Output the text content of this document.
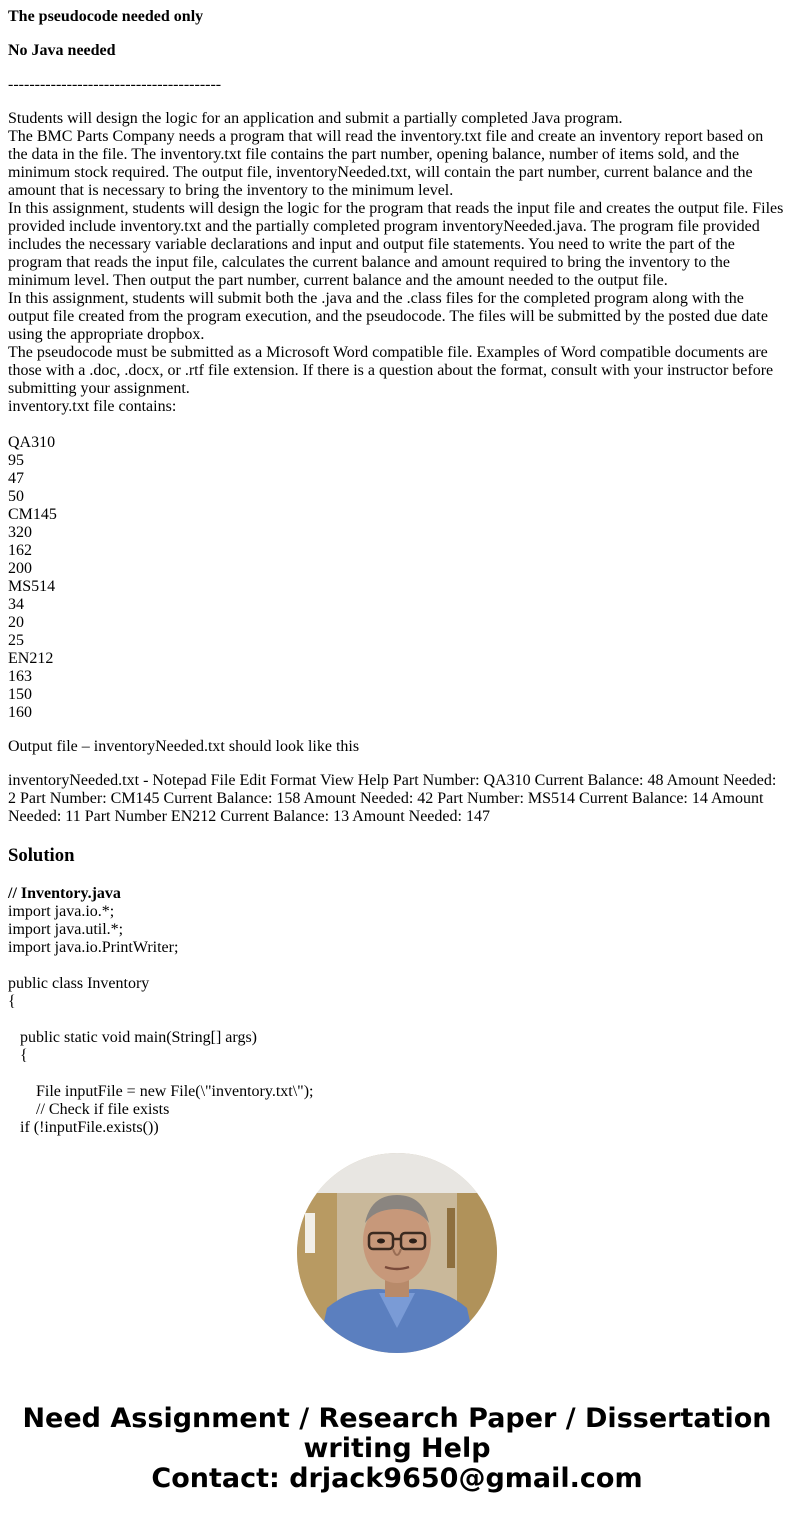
The pseudocode needed only
No Java needed
----------------------------------------

Students will design the logic for an application and submit a partially completed Java program.

The BMC Parts Company needs a program that will read the inventory.txt file and create an inventory report based on the data in the file. The inventory.txt file contains the part number, opening balance, number of items sold, and the minimum stock required. The output file, inventoryNeeded.txt, will contain the part number, current balance and the amount that is necessary to bring the inventory to the minimum level.

In this assignment, students will design the logic for the program that reads the input file and creates the output file. Files provided include inventory.txt and the partially completed program inventoryNeeded.java. The program file provided includes the necessary variable declarations and input and output file statements. You need to write the part of the program that reads the input file, calculates the current balance and amount required to bring the inventory to the minimum level. Then output the part number, current balance and the amount needed to the output file.

In this assignment, students will submit both the .java and the .class files for the completed program along with the output file created from the program execution, and the pseudocode. The files will be submitted by the posted due date using the appropriate dropbox.

The pseudocode must be submitted as a Microsoft Word compatible file. Examples of Word compatible documents are those with a .doc, .docx, or .rtf file extension. If there is a question about the format, consult with your instructor before submitting your assignment.

inventory.txt file contains:

QA310
95
47
50
CM145
320
162
200
MS514
34
20
25
EN212
163
150
160
Output file – inventoryNeeded.txt should look like this
inventoryNeeded.txt - Notepad File Edit Format View Help Part Number: QA310 Current Balance: 48 Amount Needed: 2 Part Number: CM145 Current Balance: 158 Amount Needed: 42 Part Number: MS514 Current Balance: 14 Amount Needed: 11 Part Number EN212 Current Balance: 13 Amount Needed: 147
Solution
// Inventory.java
import java.io.*;
import java.util.*;
import java.io.PrintWriter;
public class Inventory
{
public static void main(String[] args)
{
File inputFile = new File(\"inventory.txt\");
// Check if file exists
if (!inputFile.exists())
Need Assignment / Research Paper / Dissertation
writing Help
Contact: drjack9650@gmail.com
